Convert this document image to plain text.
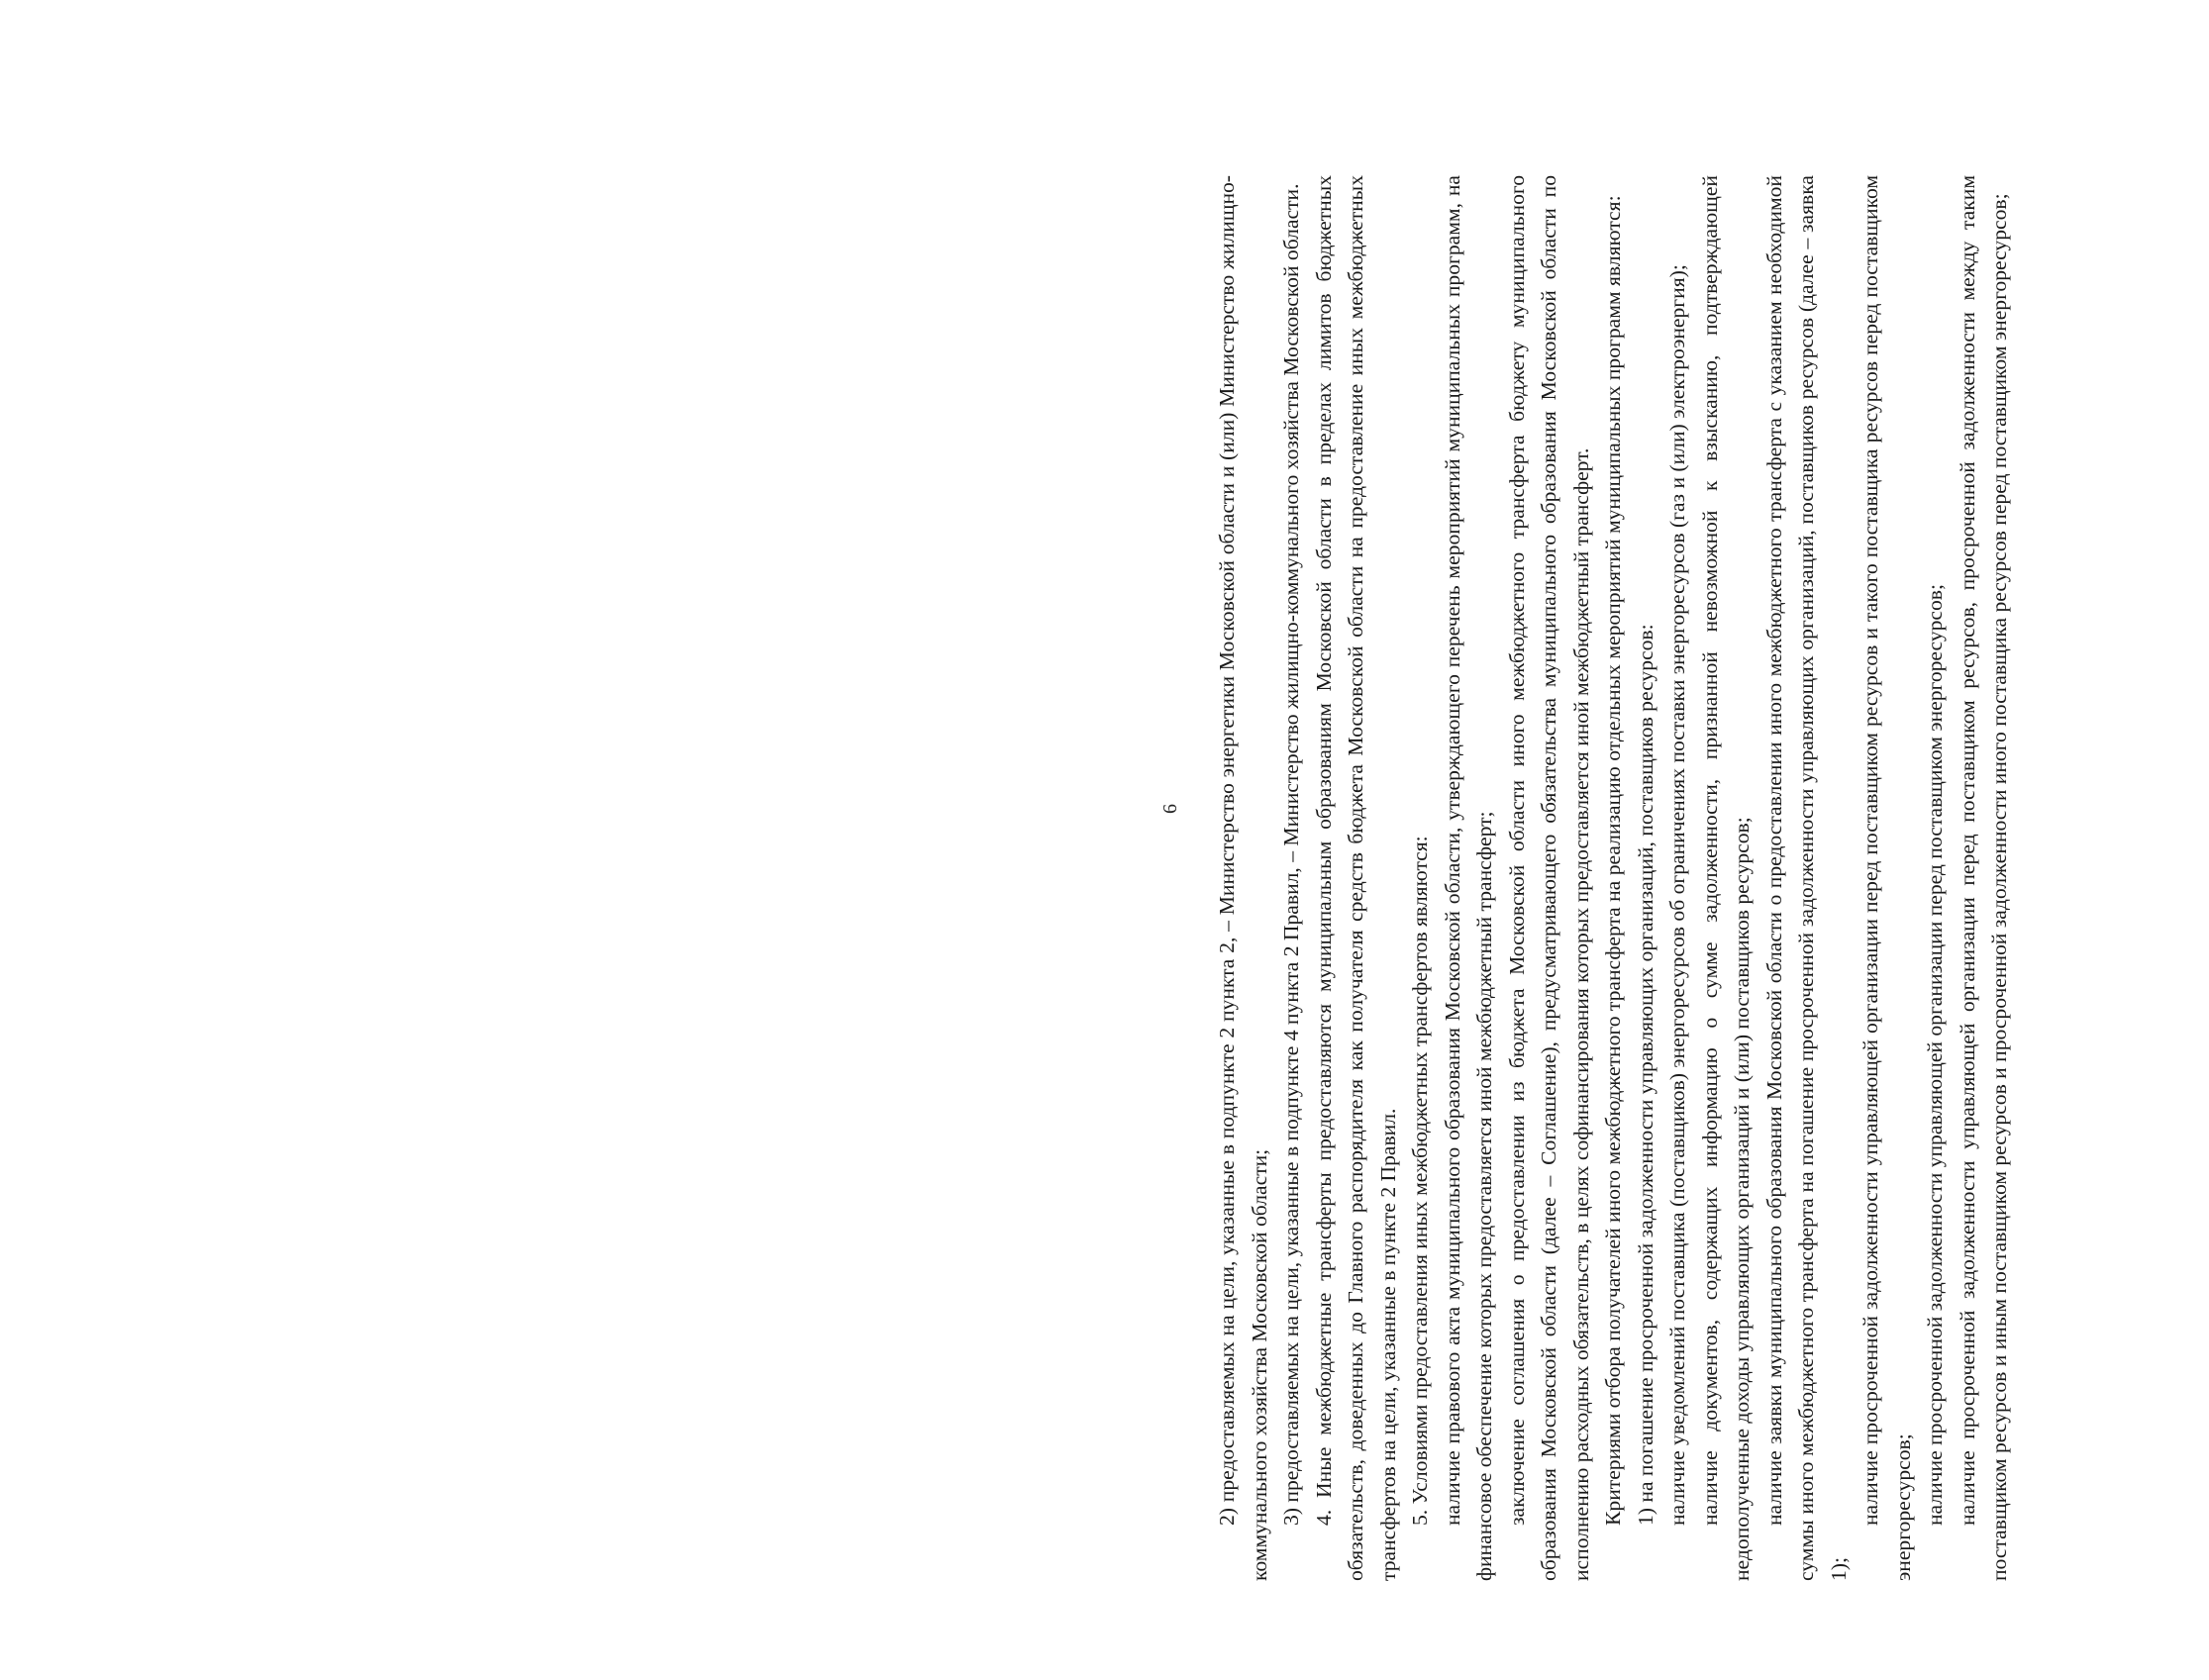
6 2) предоставляемых на цели, указанные в подпункте 2 пункта 2, – Министерство энергетики Московской области и (или) Министерство жилищно-коммунального хозяйства Московской области; 3) предоставляемых на цели, указанные в подпункте 4 пункта 2 Правил, – Министерство жилищно-коммунального хозяйства Московской области. 4. Иные межбюджетные трансферты предоставляются муниципальным образованиям Московской области в пределах лимитов бюджетных обязательств, доведенных до Главного распорядителя как получателя средств бюджета Московской области на предоставление иных межбюджетных трансфертов на цели, указанные в пункте 2 Правил. 5. Условиями предоставления иных межбюджетных трансфертов являются: наличие правового акта муниципального образования Московской области, утверждающего перечень мероприятий муниципальных программ, на финансовое обеспечение которых предоставляется иной межбюджетный трансферт; заключение соглашения о предоставлении из бюджета Московской области иного межбюджетного трансферта бюджету муниципального образования Московской области (далее – Соглашение), предусматривающего обязательства муниципального образования Московской области по исполнению расходных обязательств, в целях софинансирования которых предоставляется иной межбюджетный трансферт. Критериями отбора получателей иного межбюджетного трансферта на реализацию отдельных мероприятий муниципальных программ являются: 1) на погашение просроченной задолженности управляющих организаций, поставщиков ресурсов: наличие уведомлений поставщика (поставщиков) энергоресурсов об ограничениях поставки энергоресурсов (газ и (или) электроэнергия); наличие документов, содержащих информацию о сумме задолженности, признанной невозможной к взысканию, подтверждающей недополученные доходы управляющих организаций и (или) поставщиков ресурсов; наличие заявки муниципального образования Московской области о предоставлении иного межбюджетного трансферта с указанием необходимой суммы иного межбюджетного трансферта на погашение просроченной задолженности управляющих организаций, поставщиков ресурсов (далее – заявка 1);

наличие просроченной задолженности управляющей организации перед поставщиком ресурсов и такого поставщика ресурсов перед поставщиком энергоресурсов; наличие просроченной задолженности управляющей организации перед поставщиком энергоресурсов; наличие просроченной задолженности управляющей организации перед поставщиком ресурсов, просроченной задолженности между таким поставщиком ресурсов и иным поставщиком ресурсов и просроченной задолженности иного поставщика ресурсов перед поставщиком энергоресурсов;
